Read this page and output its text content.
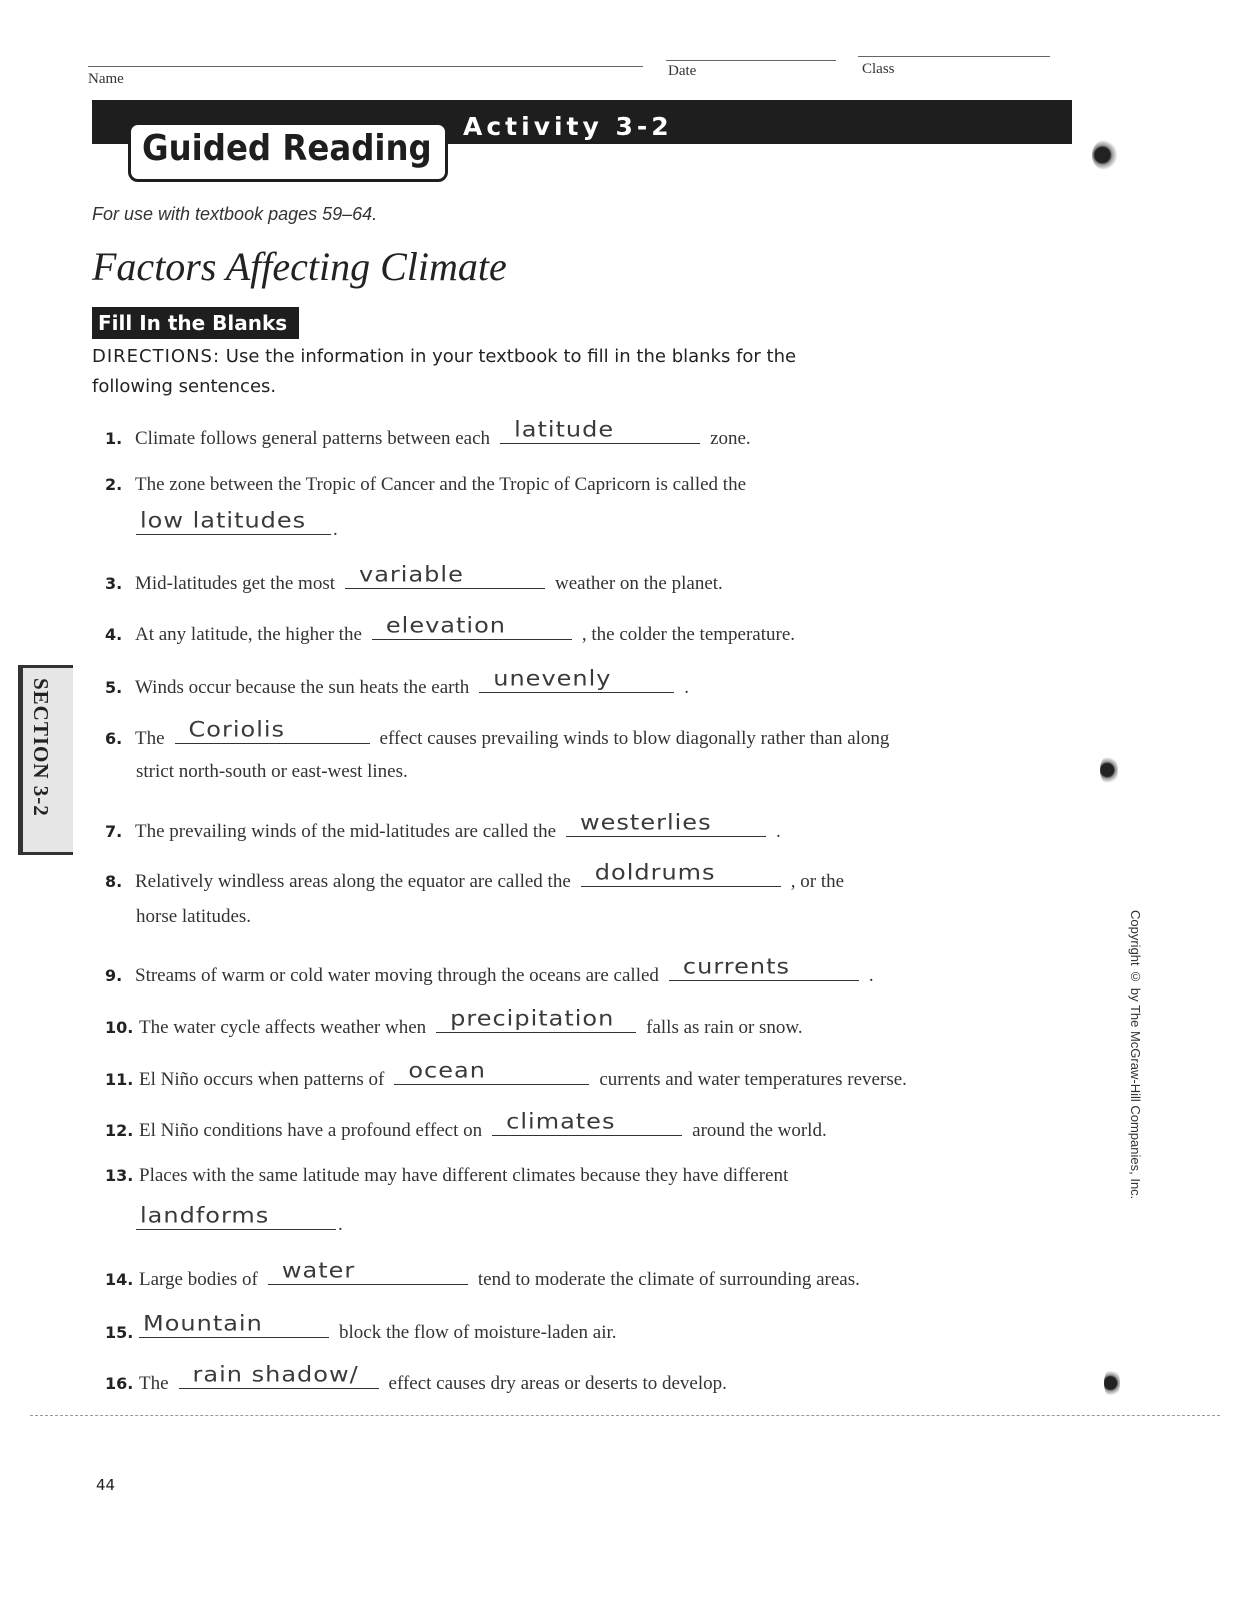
Name	Date	Class
Activity 3-2
Guided Reading
For use with textbook pages 59–64.
Factors Affecting Climate
Fill In the Blanks
DIRECTIONS: Use the information in your textbook to fill in the blanks for the following sentences.
1. Climate follows general patterns between each latitude	zone.
2. The zone between the Tropic of Cancer and the Tropic of Capricorn is called the
low latitudes .
3. Mid-latitudes get the most variable	weather on the planet.
4. At any latitude, the higher the elevation	, the colder the temperature.
5. Winds occur because the sun heats the earth unevenly	.
6. The Coriolis	effect causes prevailing winds to blow diagonally rather than along
strict north-south or east-west lines.
7. The prevailing winds of the mid-latitudes are called the westerlies	.
8. Relatively windless areas along the equator are called the doldrums	, or the
horse latitudes.
9. Streams of warm or cold water moving through the oceans are called currents	.
10. The water cycle affects weather when precipitation falls as rain or snow.
11. El Niño occurs when patterns of ocean	currents and water temperatures reverse.
12. El Niño conditions have a profound effect on climates	around the world.
13. Places with the same latitude may have different climates because they have different
landforms	.
14. Large bodies of water	tend to moderate the climate of surrounding areas.
15. Mountain	block the flow of moisture-laden air.
16. The rain shadow/ effect causes dry areas or deserts to develop.
SECTION 3-2
Copyright © by The McGraw-Hill Companies, Inc.
44
